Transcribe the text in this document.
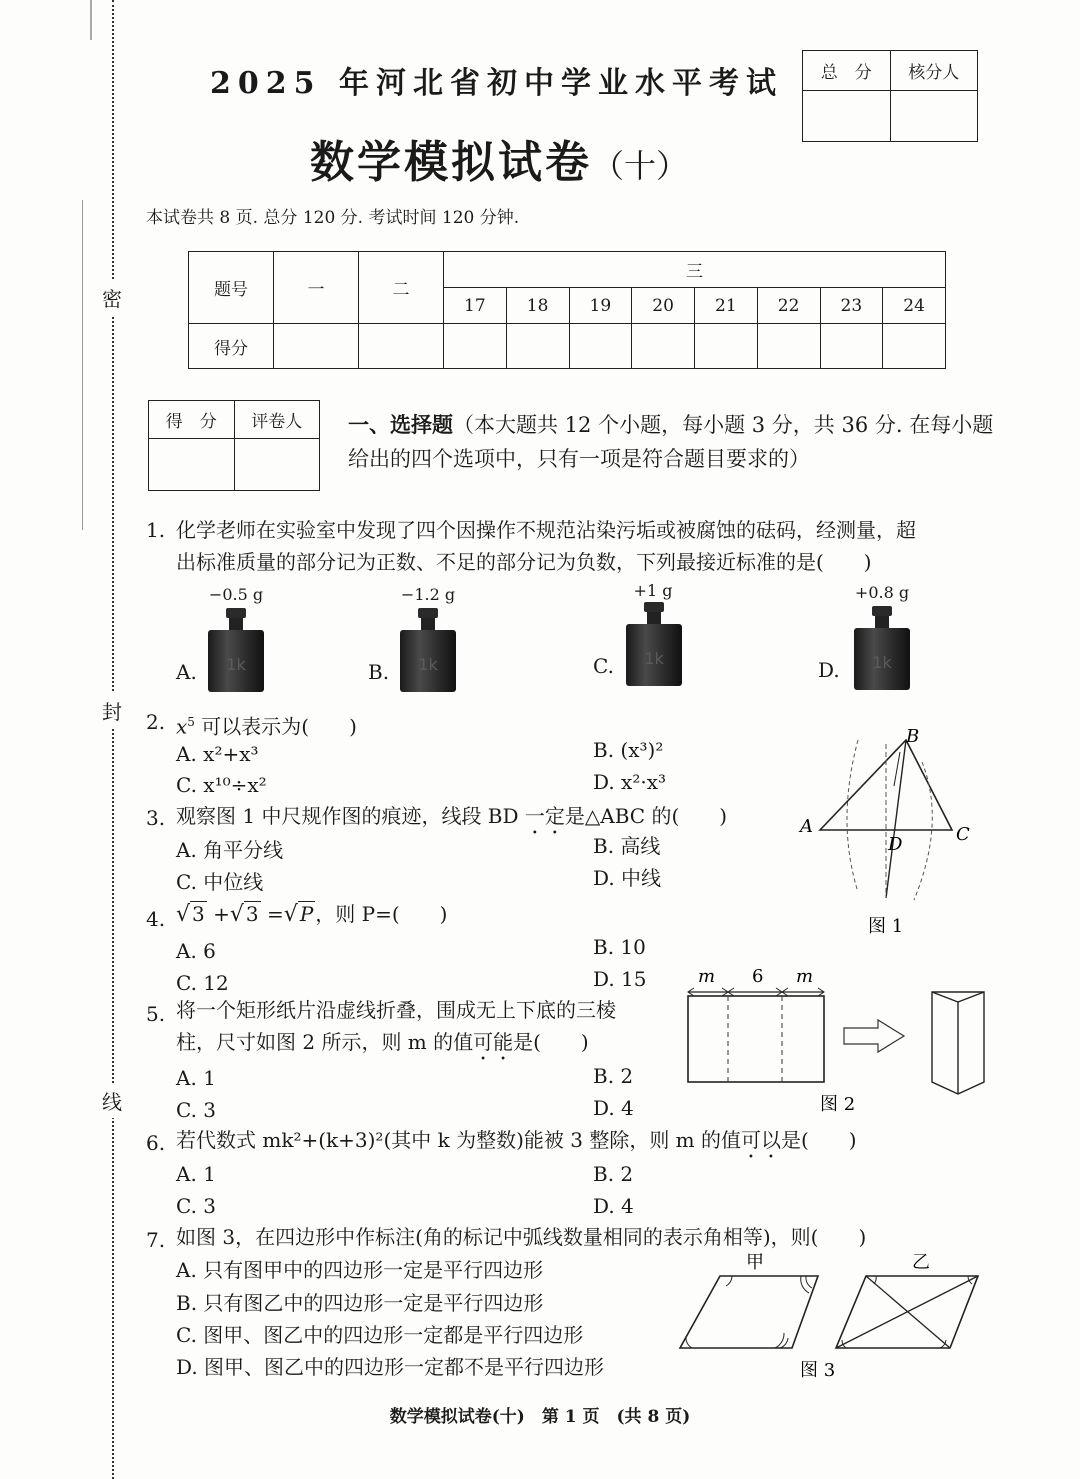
密
封
线
2025 年河北省初中学业水平考试
数学模拟试卷（十）
本试卷共 8 页. 总分 120 分. 考试时间 120 分钟.
总　分	核分人

题号	一	二	三							
			17	18	19	20	21	22	23	24
得分										
得　分	评卷人
	一、选择题（本大题共 12 个小题，每小题 3 分，共 36 分. 在每小题给出的四个选项中，只有一项是符合题目要求的）
1. 化学老师在实验室中发现了四个因操作不规范沾染污垢或被腐蚀的砝码，经测量，超
出标准质量的部分记为正数、不足的部分记为负数，下列最接近标准的是(　　)
A.
−0.5 g
1k	B.
−1.2 g
1k	C.
+1 g
1k	D.
+0.8 g
1k
2. $x^5$ 可以表示为(　　)
A. x²+x³	B. (x³)²
C. x¹⁰÷x²	D. x²·x³
3. 观察图 1 中尺规作图的痕迹，线段 BD 一定是△ABC 的(　　)
A. 角平分线	B. 高线
C. 中位线	D. 中线
B
A	C
D
图 1
4. √ 3 +√ 3 =√ P ，则 P=(　　)
A. 6	B. 10
C. 12	D. 15
5. 将一个矩形纸片沿虚线折叠，围成无上下底的三棱
柱，尺寸如图 2 所示，则 m 的值可能是(　　)
A. 1	B. 2
C. 3	D. 4
m 6 m
图 2
6. 若代数式 mk²+(k+3)²(其中 k 为整数)能被 3 整除，则 m 的值可以是(　　)
A. 1	B. 2
C. 3	D. 4
7. 如图 3，在四边形中作标注(角的标记中弧线数量相同的表示角相等)，则(　　)
A. 只有图甲中的四边形一定是平行四边形
B. 只有图乙中的四边形一定是平行四边形
C. 图甲、图乙中的四边形一定都是平行四边形
D. 图甲、图乙中的四边形一定都不是平行四边形
甲	乙
图 3
数学模拟试卷(十)　第 1 页　(共 8 页)
